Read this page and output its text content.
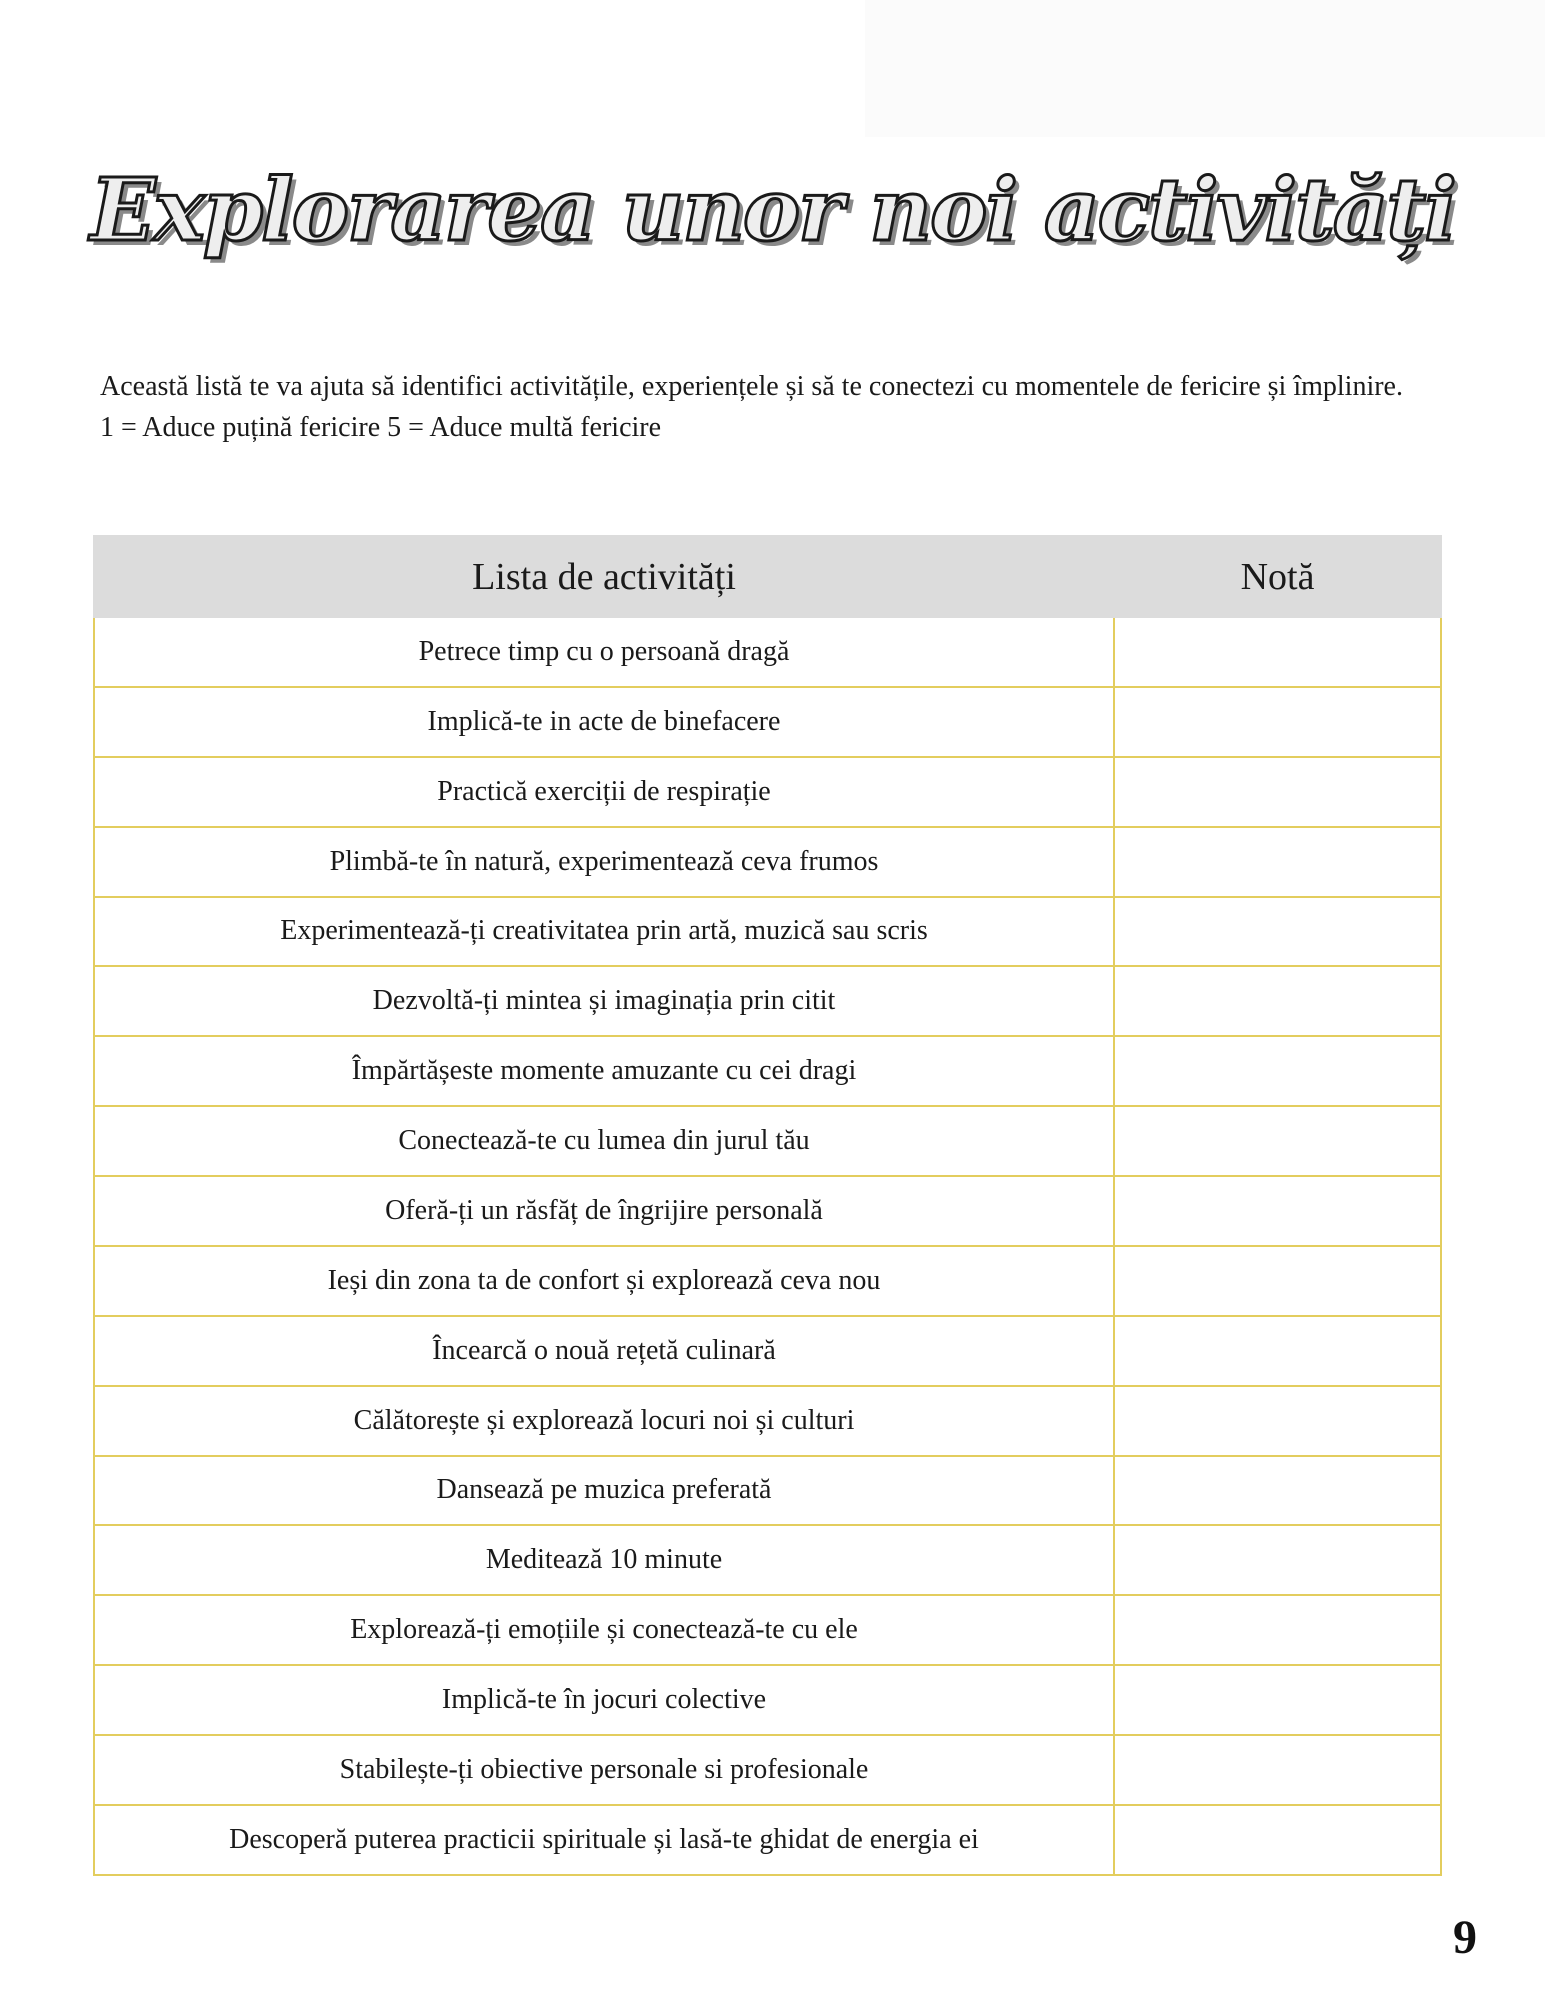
Explorarea unor noi activități

Această listă te va ajuta să identifici activitățile, experiențele și să te conectezi cu momentele de fericire și împlinire.

1 = Aduce puțină fericire 5 = Aduce multă fericire

Lista de activități	Notă
Petrece timp cu o persoană dragă	
Implică-te in acte de binefacere	
Practică exerciții de respirație	
Plimbă-te în natură, experimentează ceva frumos	
Experimentează-ți creativitatea prin artă, muzică sau scris	
Dezvoltă-ți mintea și imaginația prin citit	
Împărtășeste momente amuzante cu cei dragi	
Conectează-te cu lumea din jurul tău	
Oferă-ți un răsfăț de îngrijire personală	
Ieși din zona ta de confort și explorează ceva nou	
Încearcă o nouă rețetă culinară	
Călătorește și explorează locuri noi și culturi	
Dansează pe muzica preferată	
Meditează 10 minute	
Explorează-ți emoțiile și conectează-te cu ele	
Implică-te în jocuri colective	
Stabilește-ți obiective personale si profesionale	
Descoperă puterea practicii spirituale și lasă-te ghidat de energia ei	
9
